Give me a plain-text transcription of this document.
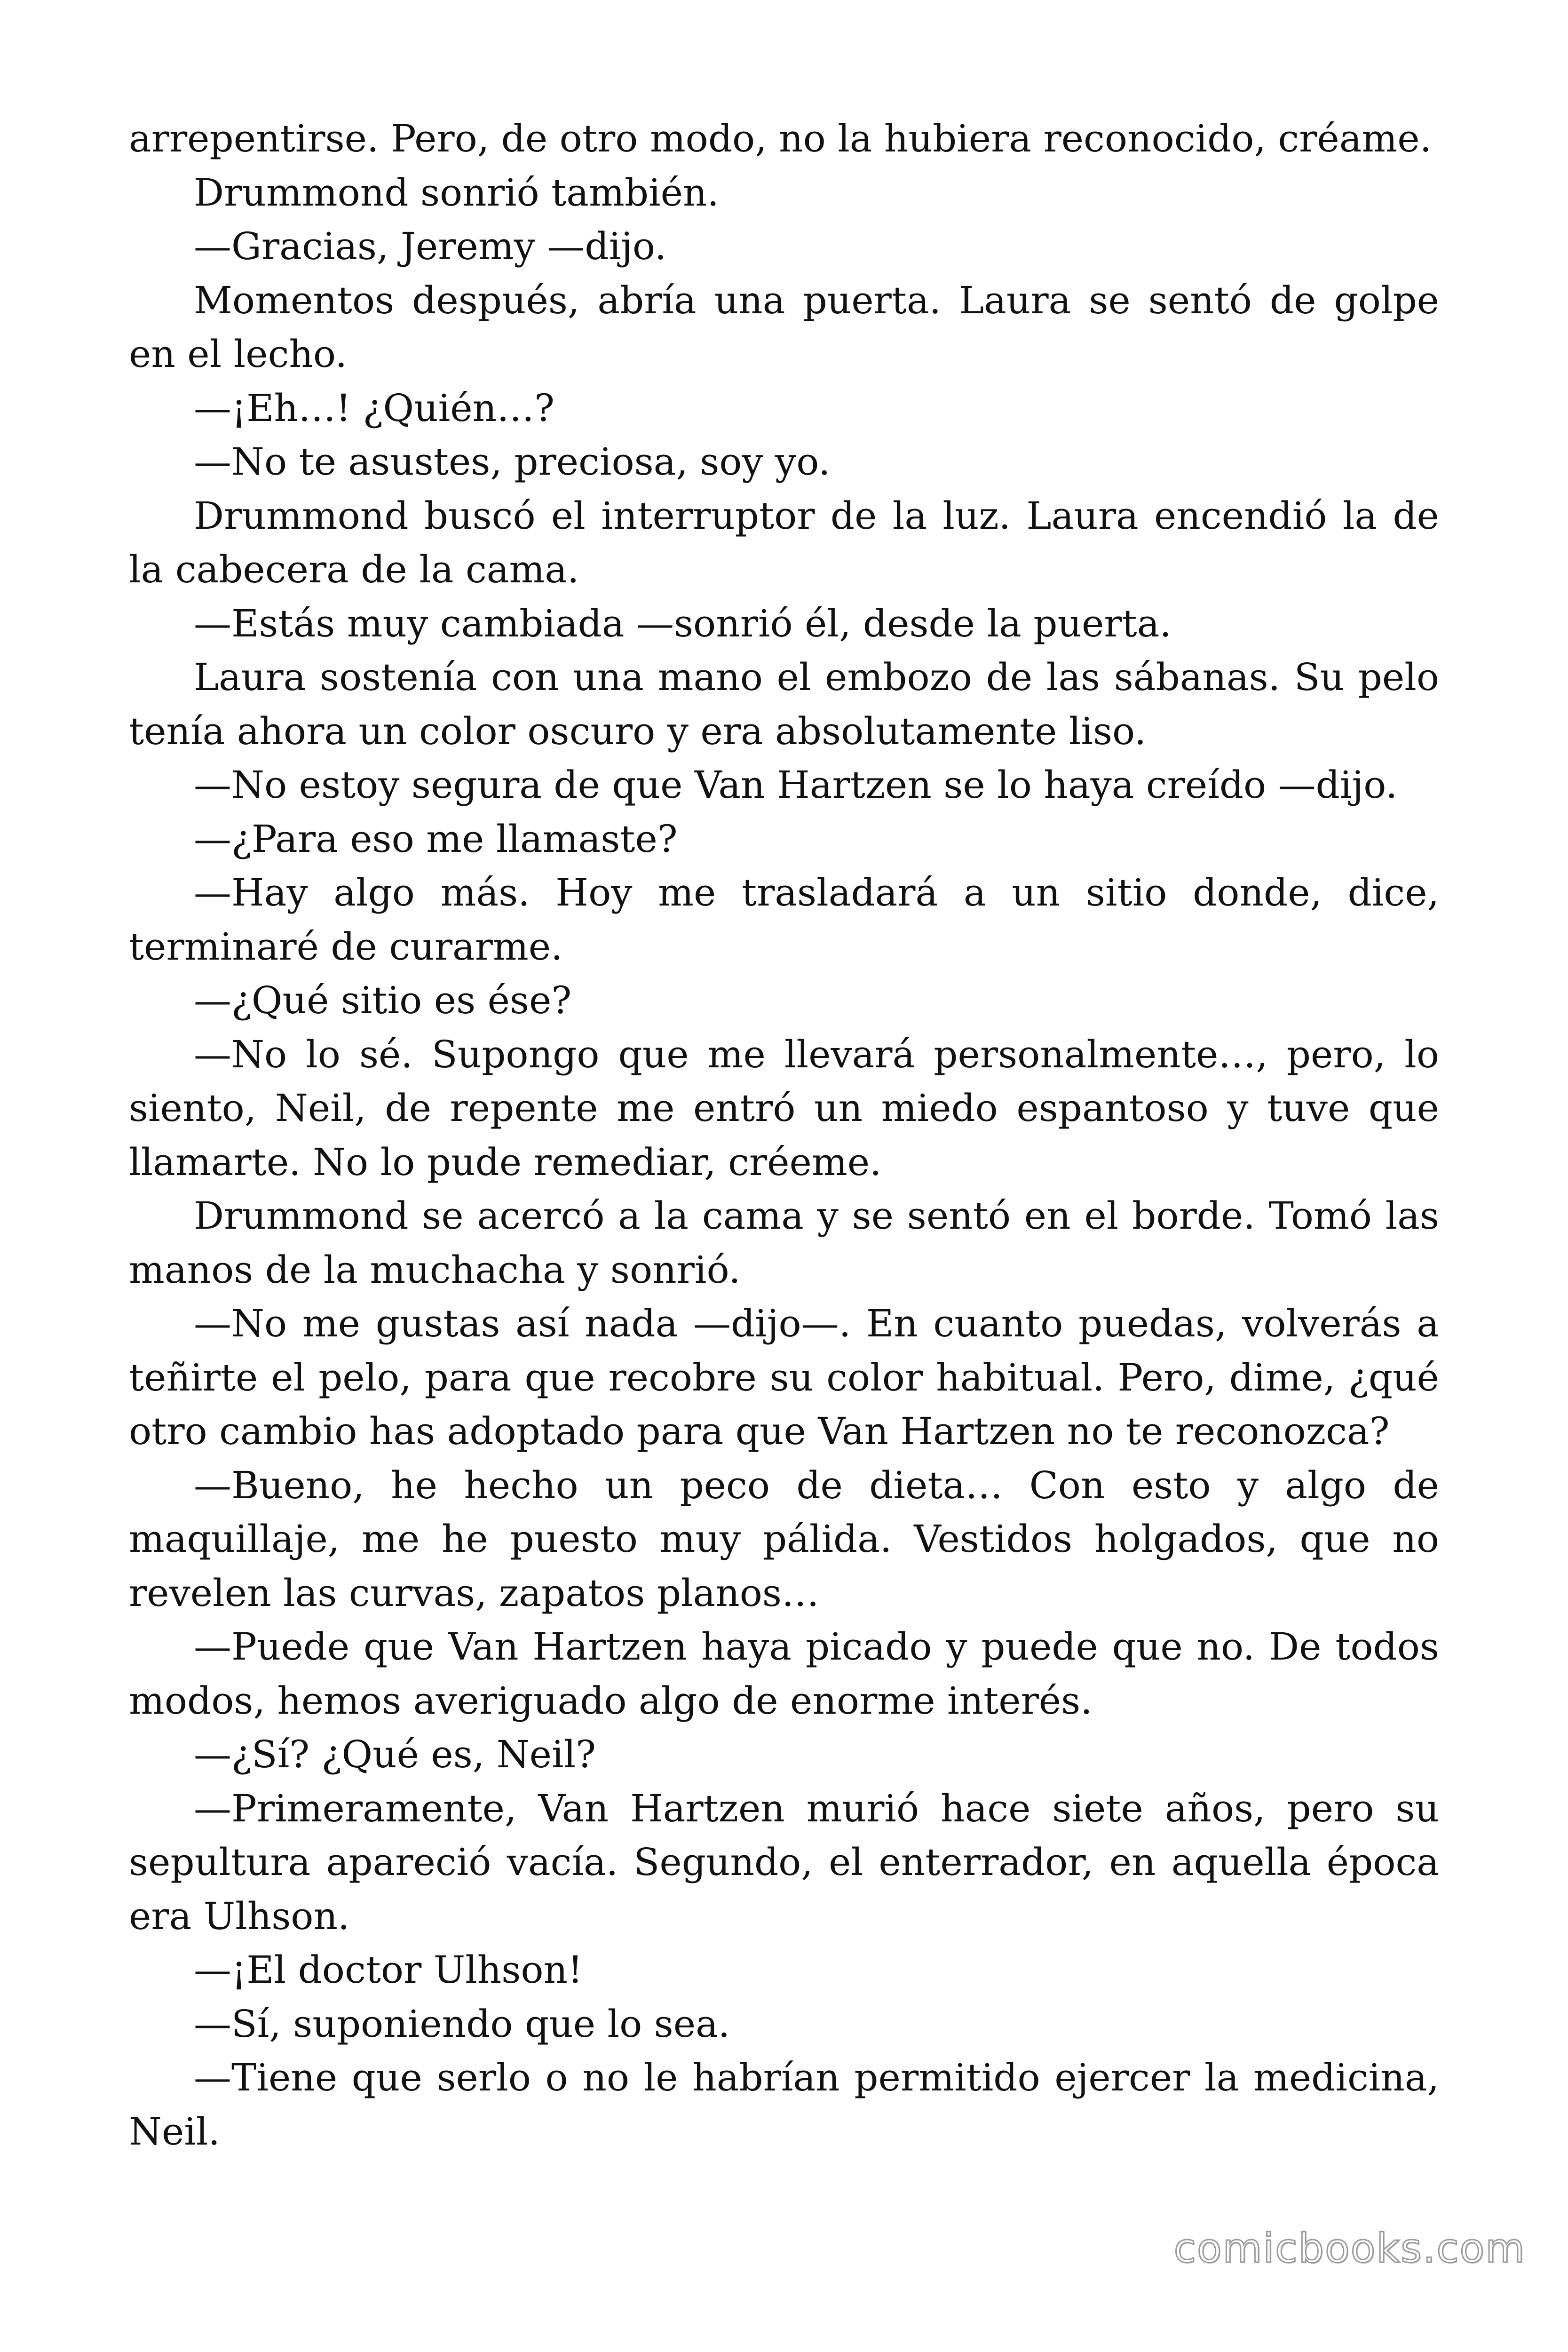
arrepentirse. Pero, de otro modo, no la hubiera reconocido, créame.

Drummond sonrió también.

—Gracias, Jeremy —dijo.

Momentos después, abría una puerta. Laura se sentó de golpe en el lecho.

—¡Eh…! ¿Quién…?

—No te asustes, preciosa, soy yo.

Drummond buscó el interruptor de la luz. Laura encendió la de la cabecera de la cama.

—Estás muy cambiada —sonrió él, desde la puerta.

Laura sostenía con una mano el embozo de las sábanas. Su pelo tenía ahora un color oscuro y era absolutamente liso.

—No estoy segura de que Van Hartzen se lo haya creído —dijo.

—¿Para eso me llamaste?

—Hay algo más. Hoy me trasladará a un sitio donde, dice, terminaré de curarme.

—¿Qué sitio es ése?

—No lo sé. Supongo que me llevará personalmente…, pero, lo siento, Neil, de repente me entró un miedo espantoso y tuve que llamarte. No lo pude remediar, créeme.

Drummond se acercó a la cama y se sentó en el borde. Tomó las manos de la muchacha y sonrió.

—No me gustas así nada —dijo—. En cuanto puedas, volverás a teñirte el pelo, para que recobre su color habitual. Pero, dime, ¿qué otro cambio has adoptado para que Van Hartzen no te reconozca?

—Bueno, he hecho un peco de dieta… Con esto y algo de maquillaje, me he puesto muy pálida. Vestidos holgados, que no revelen las curvas, zapatos planos…

—Puede que Van Hartzen haya picado y puede que no. De todos modos, hemos averiguado algo de enorme interés.

—¿Sí? ¿Qué es, Neil?

—Primeramente, Van Hartzen murió hace siete años, pero su sepultura apareció vacía. Segundo, el enterrador, en aquella época era Ulhson.

—¡El doctor Ulhson!

—Sí, suponiendo que lo sea.

—Tiene que serlo o no le habrían permitido ejercer la medicina, Neil.

comicbooks.com
